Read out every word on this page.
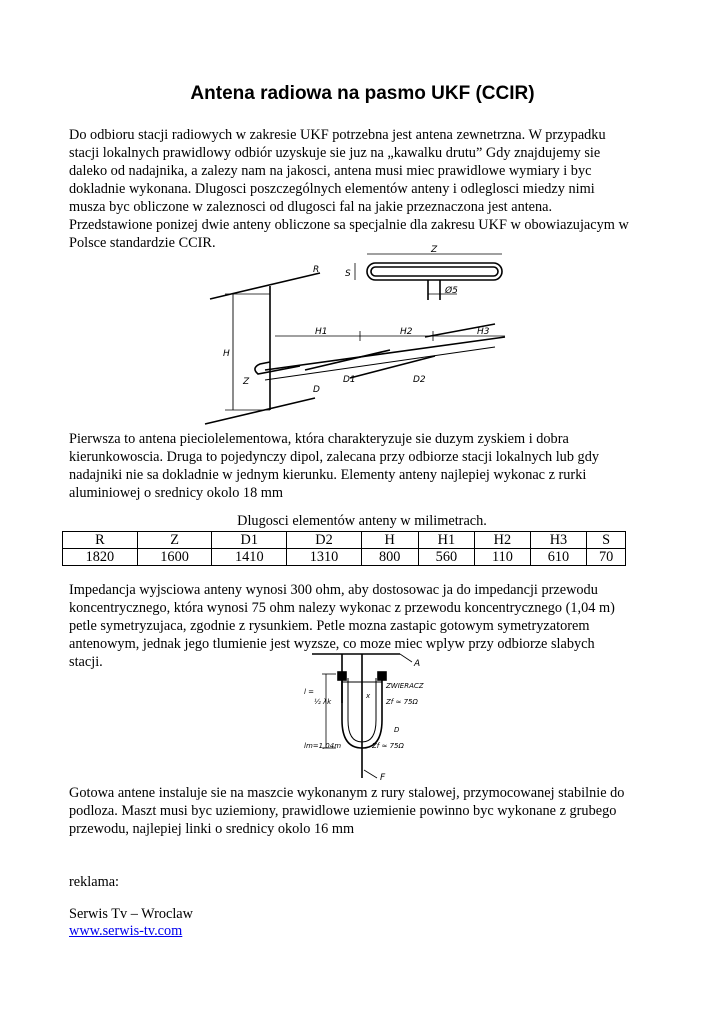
Antena radiowa na pasmo UKF (CCIR)

Do odbioru stacji radiowych w zakresie UKF potrzebna jest antena zewnetrzna. W przypadku stacji lokalnych prawidlowy odbiór uzyskuje sie juz na „kawalku drutu” Gdy znajdujemy sie daleko od nadajnika, a zalezy nam na jakosci, antena musi miec prawidlowe wymiary i byc dokladnie wykonana. Dlugosci poszczególnych elementów anteny i odleglosci miedzy nimi musza byc obliczone w zaleznosci od dlugosci fal na jakie przeznaczona jest antena. Przedstawione ponizej dwie anteny obliczone sa specjalnie dla zakresu UKF w obowiazujacym w Polsce standardzie CCIR.

R
Z
S
Ø5
H
H1	H2	H3
Z
D
D1	D2

Pierwsza to antena pieciolelementowa, która charakteryzuje sie duzym zyskiem i dobra kierunkowoscia. Druga to pojedynczy dipol, zalecana przy odbiorze stacji lokalnych lub gdy nadajniki nie sa dokladnie w jednym kierunku. Elementy anteny najlepiej wykonac z rurki aluminiowej o srednicy okolo 18 mm

Dlugosci elementów anteny w milimetrach.
R	Z	D1	D2	H	H1	H2	H3	S
1820	1600	1410	1310	800	560	110	610	70

Impedancja wyjsciowa anteny wynosi 300 ohm, aby dostosowac ja do impedancji przewodu koncentrycznego, która wynosi 75 ohm nalezy wykonac z przewodu koncentrycznego (1,04 m) petle symetryzujaca, zgodnie z rysunkiem. Petle mozna zastapic gotowym symetryzatorem antenowym, jednak jego tlumienie jest wyzsze, co moze miec wplyw przy odbiorze slabych stacji.	A
l =
½ λk
ZWIERACZ
x
Zf ≈ 75Ω
D
lm=1,04m	Zf ≈ 75Ω
F

Gotowa antene instaluje sie na maszcie wykonanym z rury stalowej, przymocowanej stabilnie do podloza. Maszt musi byc uziemiony, prawidlowe uziemienie powinno byc wykonane z grubego przewodu, najlepiej linki o srednicy okolo 16 mm

reklama:
Serwis Tv – Wroclaw
www.serwis-tv.com
